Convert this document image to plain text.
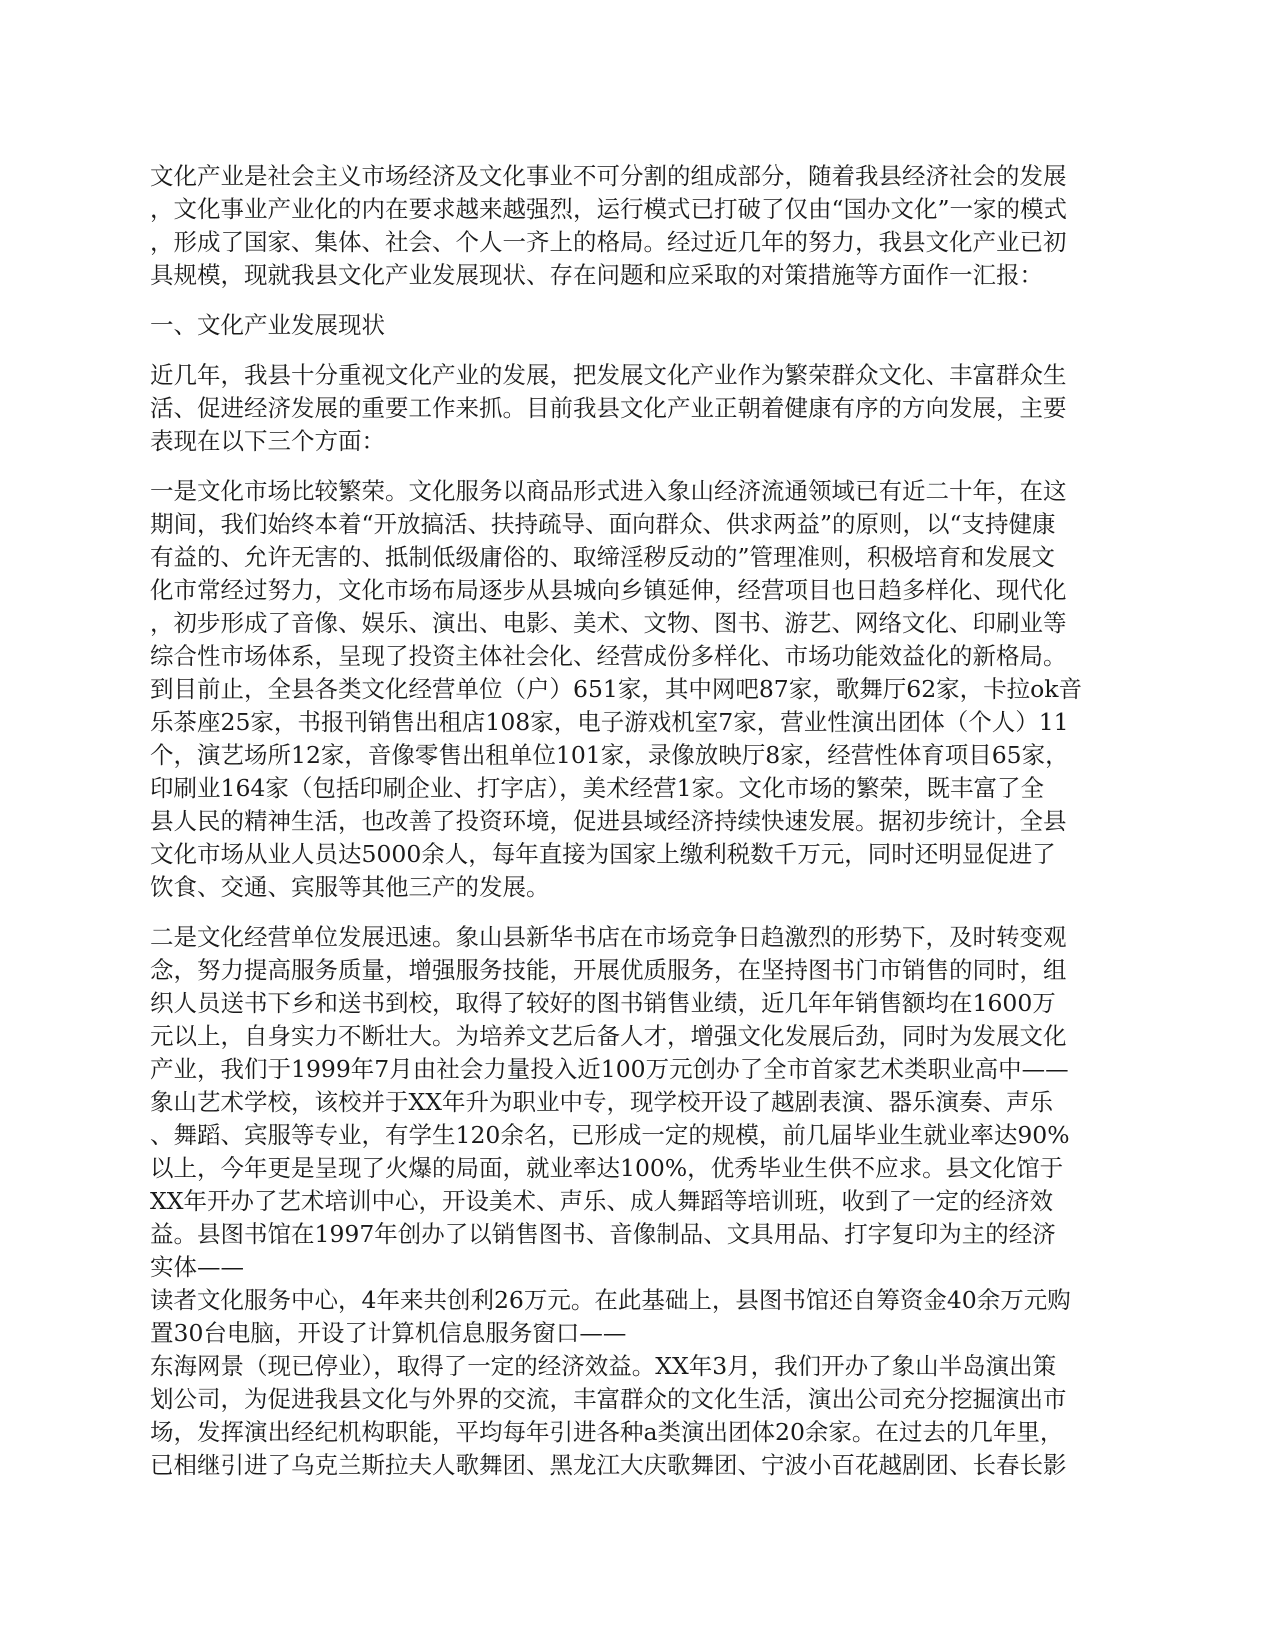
文化产业是社会主义市场经济及文化事业不可分割的组成部分，随着我县经济社会的发展
，文化事业产业化的内在要求越来越强烈，运行模式已打破了仅由“国办文化”一家的模式
，形成了国家、集体、社会、个人一齐上的格局。经过近几年的努力，我县文化产业已初
具规模，现就我县文化产业发展现状、存在问题和应采取的对策措施等方面作一汇报：

一、文化产业发展现状

近几年，我县十分重视文化产业的发展，把发展文化产业作为繁荣群众文化、丰富群众生
活、促进经济发展的重要工作来抓。目前我县文化产业正朝着健康有序的方向发展，主要
表现在以下三个方面：

一是文化市场比较繁荣。文化服务以商品形式进入象山经济流通领域已有近二十年，在这
期间，我们始终本着“开放搞活、扶持疏导、面向群众、供求两益”的原则，以“支持健康
有益的、允许无害的、抵制低级庸俗的、取缔淫秽反动的”管理准则，积极培育和发展文
化市常经过努力，文化市场布局逐步从县城向乡镇延伸，经营项目也日趋多样化、现代化
，初步形成了音像、娱乐、演出、电影、美术、文物、图书、游艺、网络文化、印刷业等
综合性市场体系，呈现了投资主体社会化、经营成份多样化、市场功能效益化的新格局。
到目前止，全县各类文化经营单位（户）651家，其中网吧87家，歌舞厅62家，卡拉ok音
乐茶座25家，书报刊销售出租店108家，电子游戏机室7家，营业性演出团体（个人）11
个，演艺场所12家，音像零售出租单位101家，录像放映厅8家，经营性体育项目65家，
印刷业164家（包括印刷企业、打字店），美术经营1家。文化市场的繁荣，既丰富了全
县人民的精神生活，也改善了投资环境，促进县域经济持续快速发展。据初步统计，全县
文化市场从业人员达5000余人，每年直接为国家上缴利税数千万元，同时还明显促进了
饮食、交通、宾服等其他三产的发展。

二是文化经营单位发展迅速。象山县新华书店在市场竞争日趋激烈的形势下，及时转变观
念，努力提高服务质量，增强服务技能，开展优质服务，在坚持图书门市销售的同时，组
织人员送书下乡和送书到校，取得了较好的图书销售业绩，近几年年销售额均在1600万
元以上，自身实力不断壮大。为培养文艺后备人才，增强文化发展后劲，同时为发展文化
产业，我们于1999年7月由社会力量投入近100万元创办了全市首家艺术类职业高中——
象山艺术学校，该校并于XX年升为职业中专，现学校开设了越剧表演、器乐演奏、声乐
、舞蹈、宾服等专业，有学生120余名，已形成一定的规模，前几届毕业生就业率达90%
以上，今年更是呈现了火爆的局面，就业率达100%，优秀毕业生供不应求。县文化馆于
XX年开办了艺术培训中心，开设美术、声乐、成人舞蹈等培训班，收到了一定的经济效
益。县图书馆在1997年创办了以销售图书、音像制品、文具用品、打字复印为主的经济
实体——
读者文化服务中心，4年来共创利26万元。在此基础上，县图书馆还自筹资金40余万元购
置30台电脑，开设了计算机信息服务窗口——
东海网景（现已停业），取得了一定的经济效益。XX年3月，我们开办了象山半岛演出策
划公司，为促进我县文化与外界的交流，丰富群众的文化生活，演出公司充分挖掘演出市
场，发挥演出经纪机构职能，平均每年引进各种a类演出团体20余家。在过去的几年里，
已相继引进了乌克兰斯拉夫人歌舞团、黑龙江大庆歌舞团、宁波小百花越剧团、长春长影
